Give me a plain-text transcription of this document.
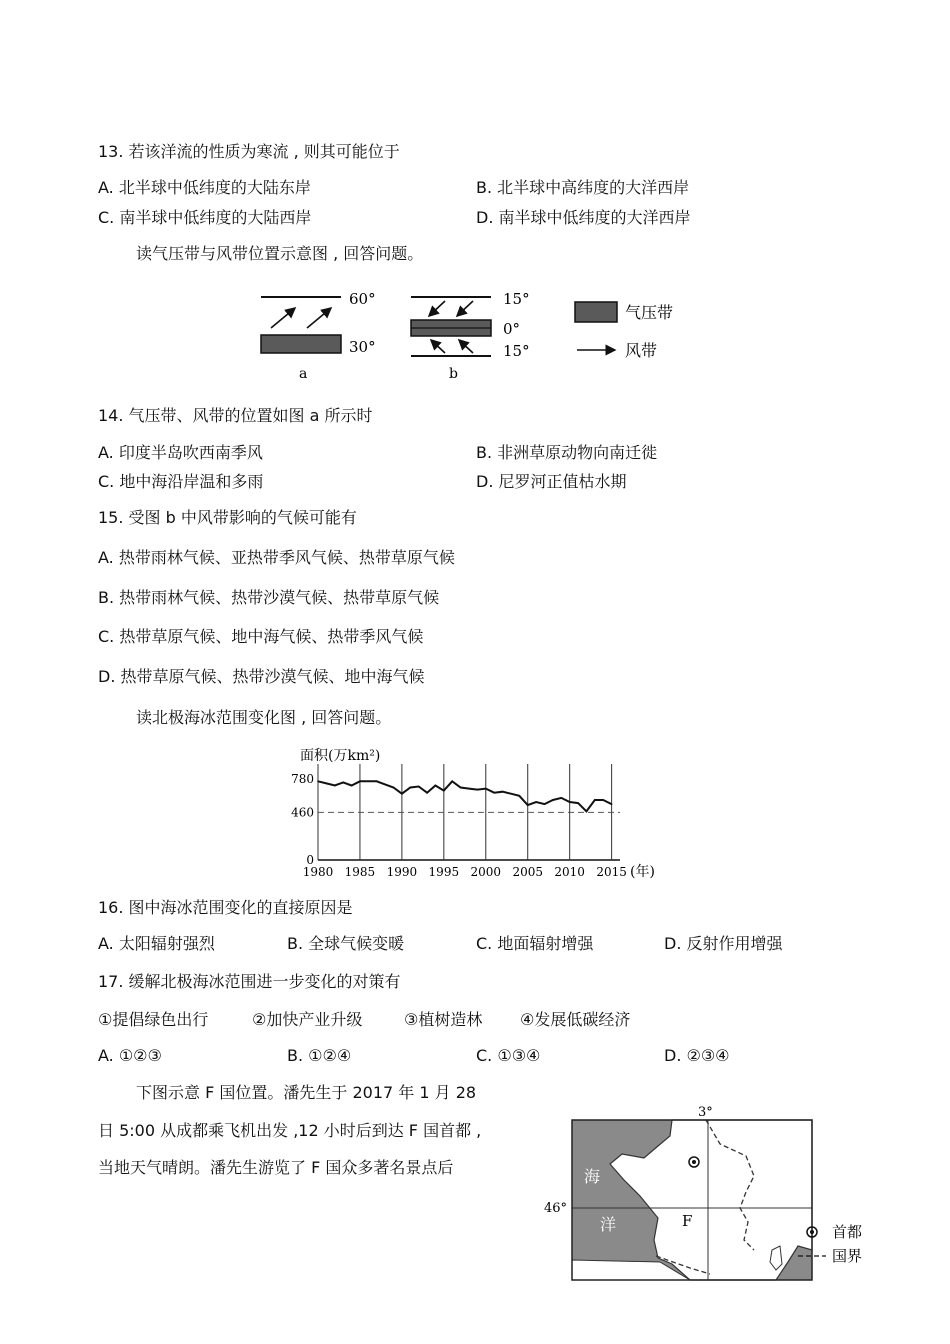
13. 若该洋流的性质为寒流 , 则其可能位于
A. 北半球中低纬度的大陆东岸	B. 北半球中高纬度的大洋西岸
C. 南半球中低纬度的大陆西岸	D. 南半球中低纬度的大洋西岸
读气压带与风带位置示意图 , 回答问题。
60°
30°
a
15°
0°
15°
b
气压带
风带
14. 气压带、风带的位置如图 a 所示时
A. 印度半岛吹西南季风	B. 非洲草原动物向南迁徙
C. 地中海沿岸温和多雨	D. 尼罗河正值枯水期
15. 受图 b 中风带影响的气候可能有
A. 热带雨林气候、亚热带季风气候、热带草原气候
B. 热带雨林气候、热带沙漠气候、热带草原气候
C. 热带草原气候、地中海气候、热带季风气候
D. 热带草原气候、热带沙漠气候、地中海气候
读北极海冰范围变化图 , 回答问题。
面积(万km²)
1980 1985 1990 1995 2000 2005 2010 2015
0
460
780
(年)
16. 图中海冰范围变化的直接原因是
A. 太阳辐射强烈	B. 全球气候变暖	C. 地面辐射增强	D. 反射作用增强
17. 缓解北极海冰范围进一步变化的对策有
①提倡绿色出行	②加快产业升级	③植树造林 ④发展低碳经济
A. ①②③	B. ①②④	C. ①③④	D. ②③④
下图示意 F 国位置。潘先生于 2017 年 1 月 28
日 5:00 从成都乘飞机出发 ,12 小时后到达 F 国首都 ,
当地天气晴朗。潘先生游览了 F 国众多著名景点后
3°
46°
海
洋	F
首都
国界
